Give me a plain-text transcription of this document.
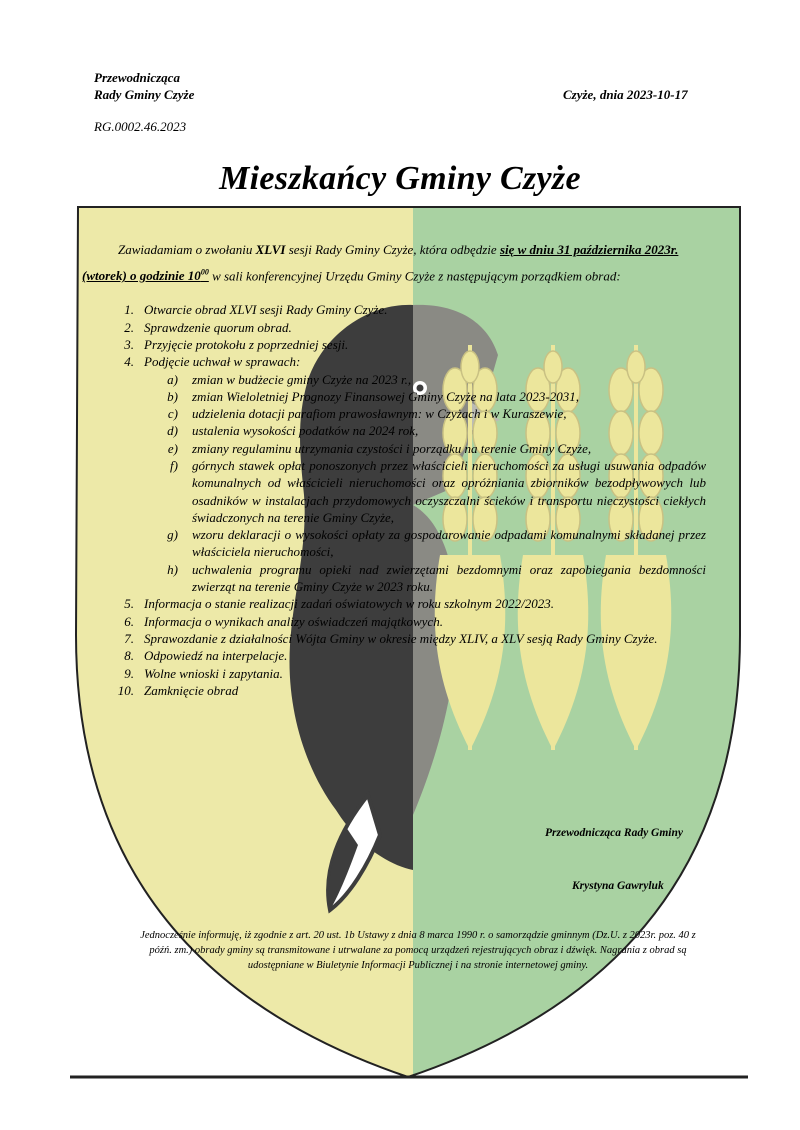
Przewodnicząca
Rady Gminy Czyże	Czyże, dnia 2023-10-17
RG.0002.46.2023
Mieszkańcy Gminy Czyże

Zawiadamiam o zwołaniu XLVI sesji Rady Gminy Czyże, która odbędzie się w dniu 31 października 2023r. (wtorek) o godzinie $10^{00}$ w sali konferencyjnej Urzędu Gminy Czyże z następującym porządkiem obrad:

1. Otwarcie obrad XLVI sesji Rady Gminy Czyże.
2. Sprawdzenie quorum obrad.
3. Przyjęcie protokołu z poprzedniej sesji.
4. Podjęcie uchwał w sprawach:
a)	zmian w budżecie gminy Czyże na 2023 r.,
b)	zmian Wieloletniej Prognozy Finansowej Gminy Czyże na lata 2023-2031,
c)	udzielenia dotacji parafiom prawosławnym: w Czyżach i w Kuraszewie,
d)	ustalenia wysokości podatków na 2024 rok,
e)	zmiany regulaminu utrzymania czystości i porządku na terenie Gminy Czyże,
f)	górnych stawek opłat ponoszonych przez właścicieli nieruchomości za usługi usuwania odpadów komunalnych od właścicieli nieruchomości oraz opróżniania zbiorników bezodpływowych lub osadników w instalacjach przydomowych oczyszczalni ścieków i transportu nieczystości ciekłych świadczonych na terenie Gminy Czyże,
g)	wzoru deklaracji o wysokości opłaty za gospodarowanie odpadami komunalnymi składanej przez właściciela nieruchomości,
h)	uchwalenia programu opieki nad zwierzętami bezdomnymi oraz zapobiegania bezdomności zwierząt na terenie Gminy Czyże w 2023 roku.
5. Informacja o stanie realizacji zadań oświatowych w roku szkolnym 2022/2023.
6. Informacja o wynikach analizy oświadczeń majątkowych.
7. Sprawozdanie z działalności Wójta Gminy w okresie między XLIV, a XLV sesją Rady Gminy Czyże.
8. Odpowiedź na interpelacje.
9. Wolne wnioski i zapytania.
10. Zamknięcie obrad
Przewodnicząca Rady Gminy
Krystyna Gawryluk
Jednocześnie informuję, iż zgodnie z art. 20 ust. 1b Ustawy z dnia 8 marca 1990 r. o samorządzie gminnym (Dz.U. z 2023r. poz. 40 z późń. zm.) obrady gminy są transmitowane i utrwalane za pomocą urządzeń rejestrujących obraz i dźwięk. Nagrania z obrad są udostępniane w Biuletynie Informacji Publicznej i na stronie internetowej gminy.
